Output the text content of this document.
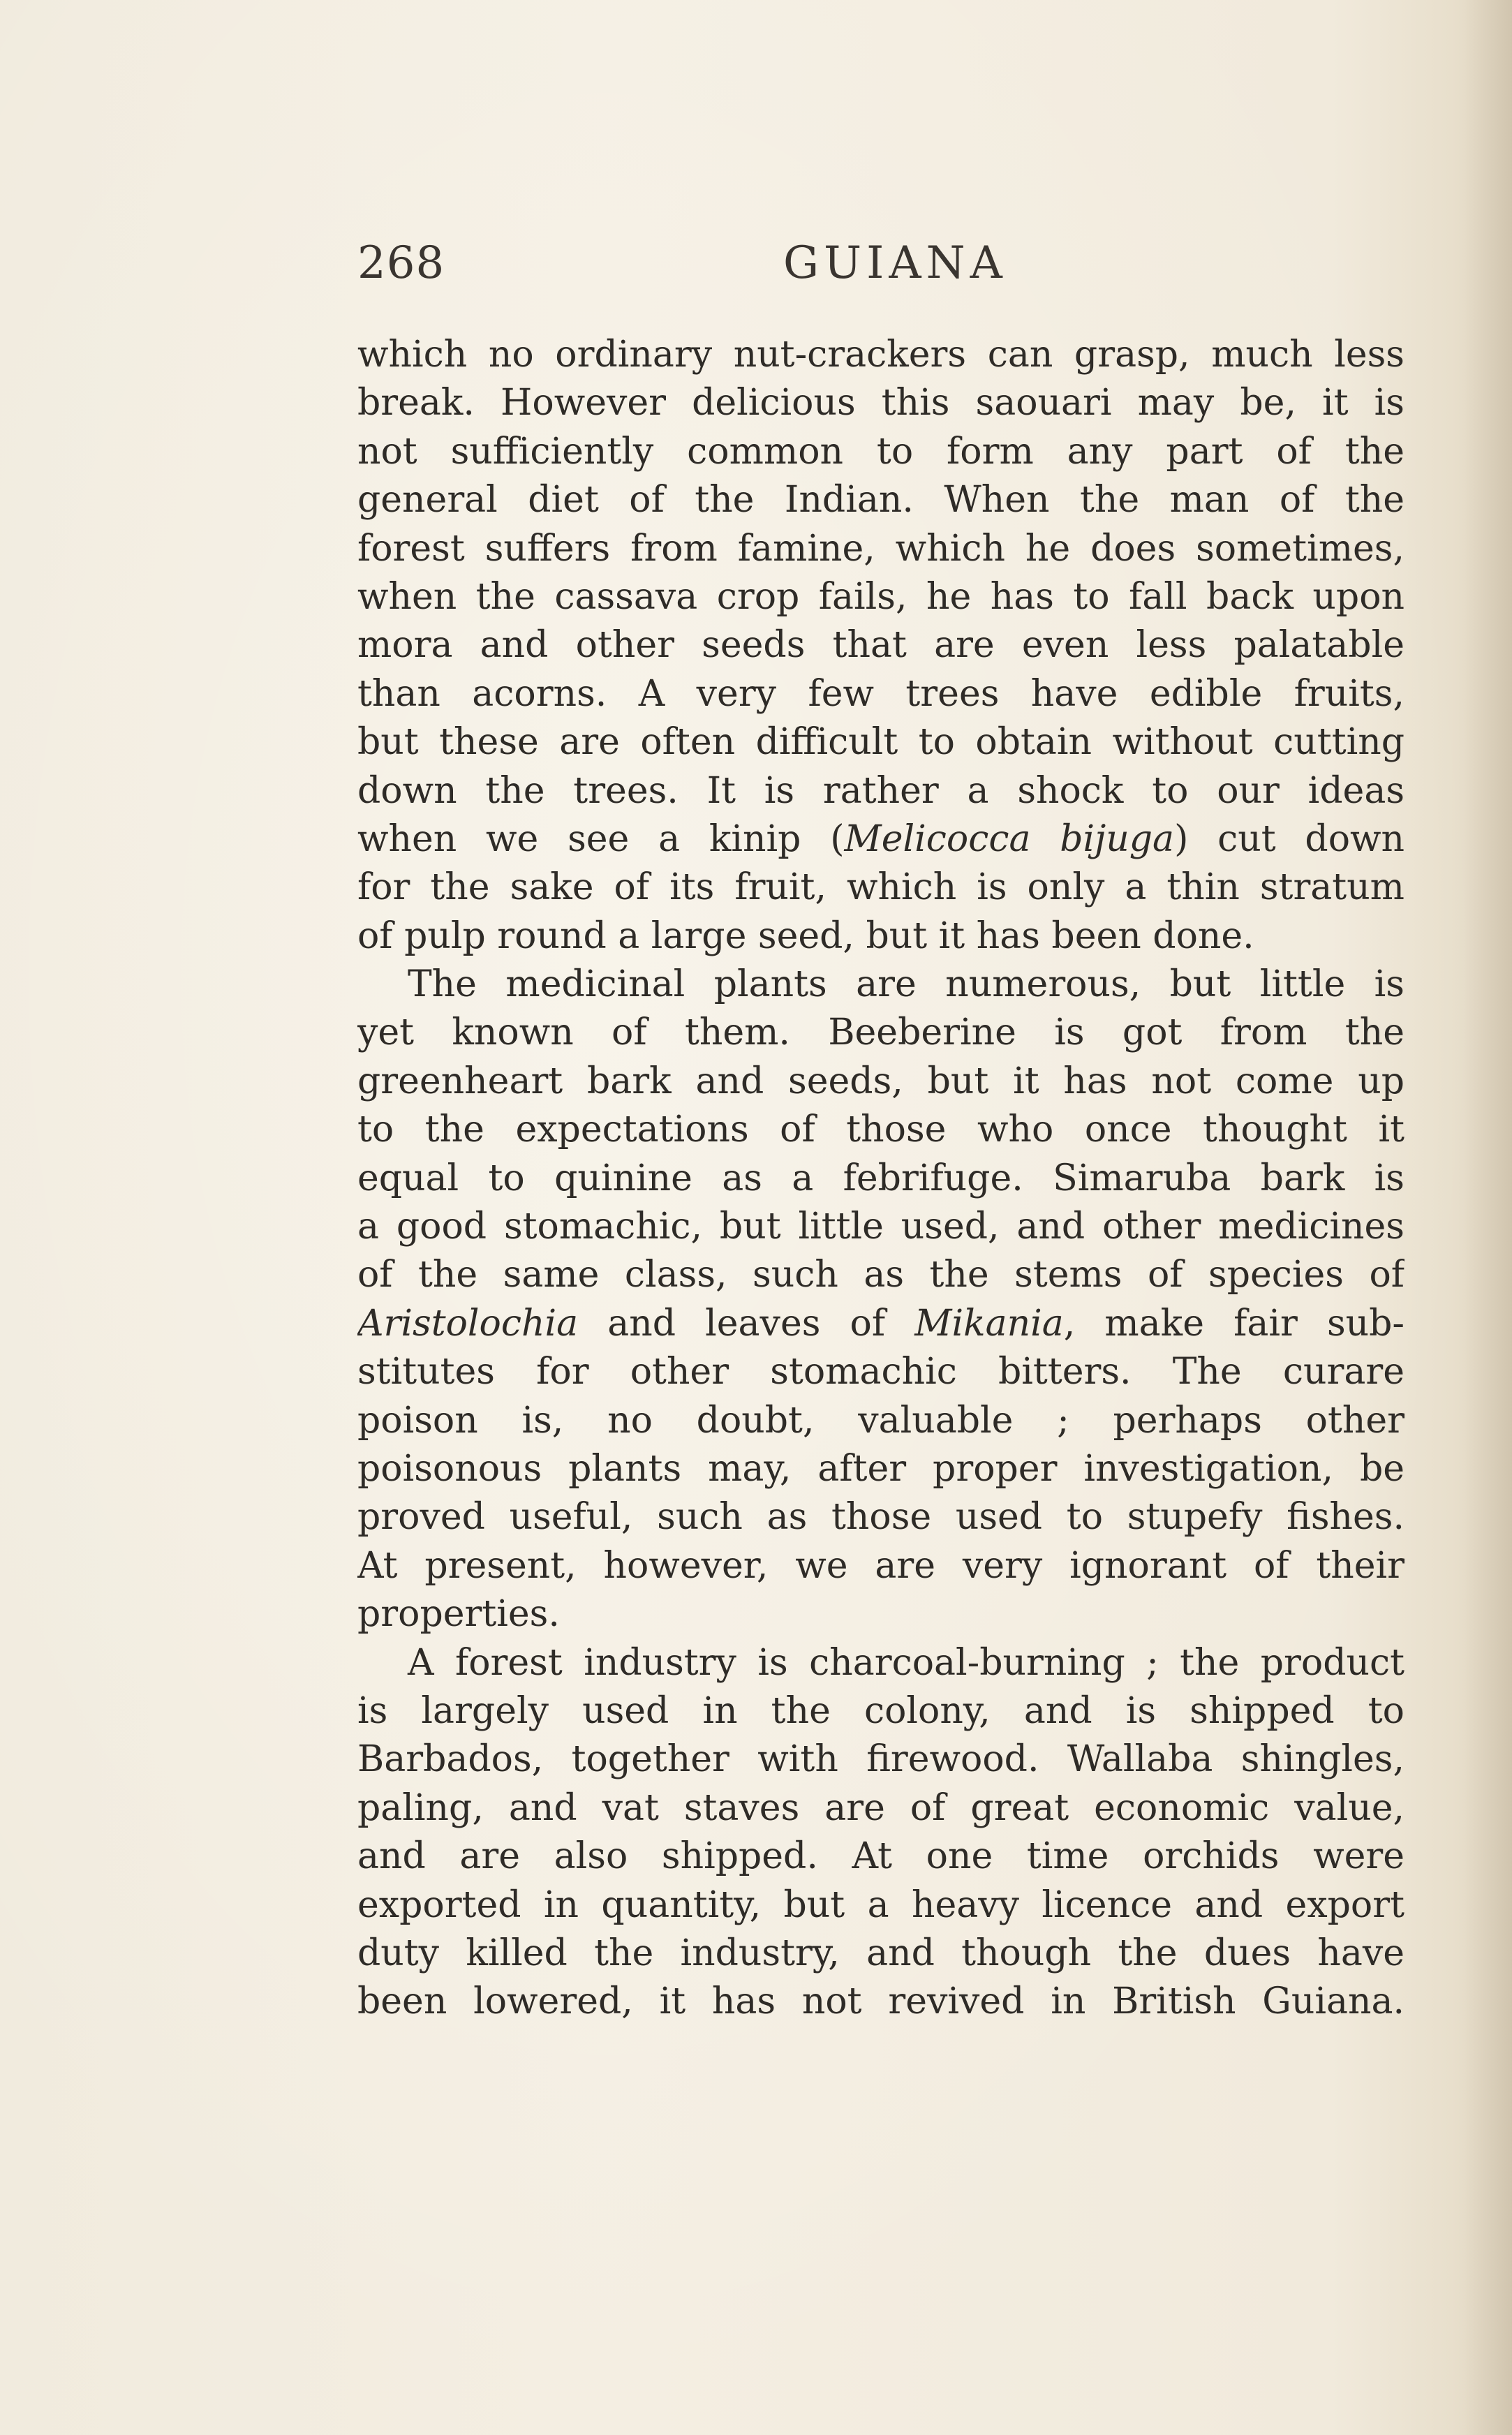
268	GUIANA
which no ordinary nut-crackers can grasp, much less
break. However delicious this saouari may be, it is
not sufficiently common to form any part of the
general diet of the Indian. When the man of the
forest suffers from famine, which he does sometimes,
when the cassava crop fails, he has to fall back upon
mora and other seeds that are even less palatable
than acorns. A very few trees have edible fruits,
but these are often difficult to obtain without cutting
down the trees. It is rather a shock to our ideas
when we see a kinip (Melicocca bijuga) cut down
for the sake of its fruit, which is only a thin stratum
of pulp round a large seed, but it has been done.
The medicinal plants are numerous, but little is
yet known of them. Beeberine is got from the
greenheart bark and seeds, but it has not come up
to the expectations of those who once thought it
equal to quinine as a febrifuge. Simaruba bark is
a good stomachic, but little used, and other medicines
of the same class, such as the stems of species of
Aristolochia and leaves of Mikania, make fair sub-
stitutes for other stomachic bitters. The curare
poison is, no doubt, valuable ; perhaps other
poisonous plants may, after proper investigation, be
proved useful, such as those used to stupefy fishes.
At present, however, we are very ignorant of their
properties.
A forest industry is charcoal-burning ; the product
is largely used in the colony, and is shipped to
Barbados, together with firewood. Wallaba shingles,
paling, and vat staves are of great economic value,
and are also shipped. At one time orchids were
exported in quantity, but a heavy licence and export
duty killed the industry, and though the dues have
been lowered, it has not revived in British Guiana.
